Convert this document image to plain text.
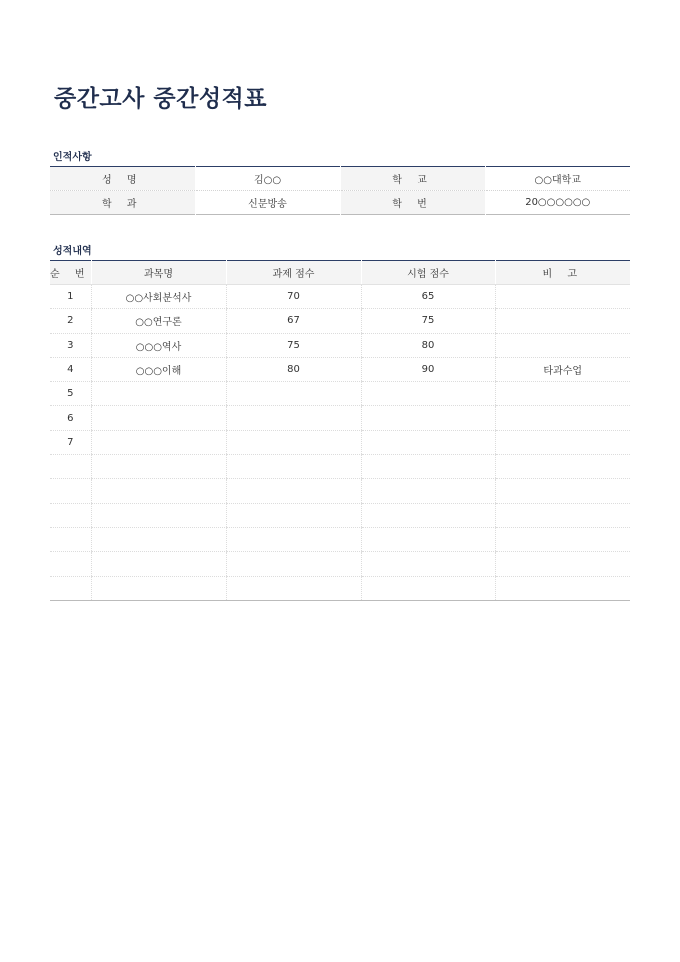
중간고사 중간성적표
인적사항
성 명	김○○	학 교	○○대학교
학 과	신문방송	학 번	20○○○○○○
성적내역
순 번	과목명	과제 점수	시험 점수	비 고
1	○○사회분석사	70	65	
2	○○연구론	67	75	
3	○○○역사	75	80	
4	○○○이해	80	90	타과수업
5				
6				
7				
